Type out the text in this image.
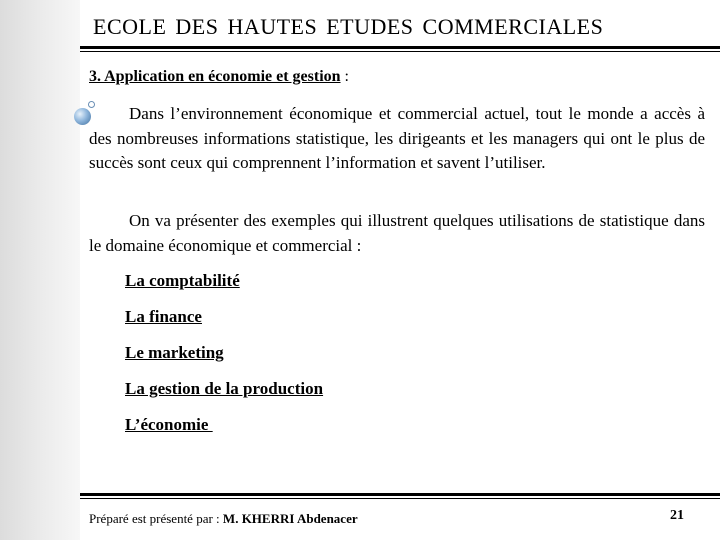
ECOLE DES HAUTES ETUDES COMMERCIALES
3. Application en économie et gestion :
Dans l’environnement économique et commercial actuel, tout le monde a accès à des nombreuses informations statistique, les dirigeants et les managers qui ont le plus de succès sont ceux qui comprennent l’information et savent l’utiliser.
On va présenter des exemples qui illustrent quelques utilisations de statistique dans le domaine économique et commercial :
La comptabilité
La finance
Le marketing
La gestion de la production
L’économie
Préparé est présenté par : M. KHERRI Abdenacer	21
